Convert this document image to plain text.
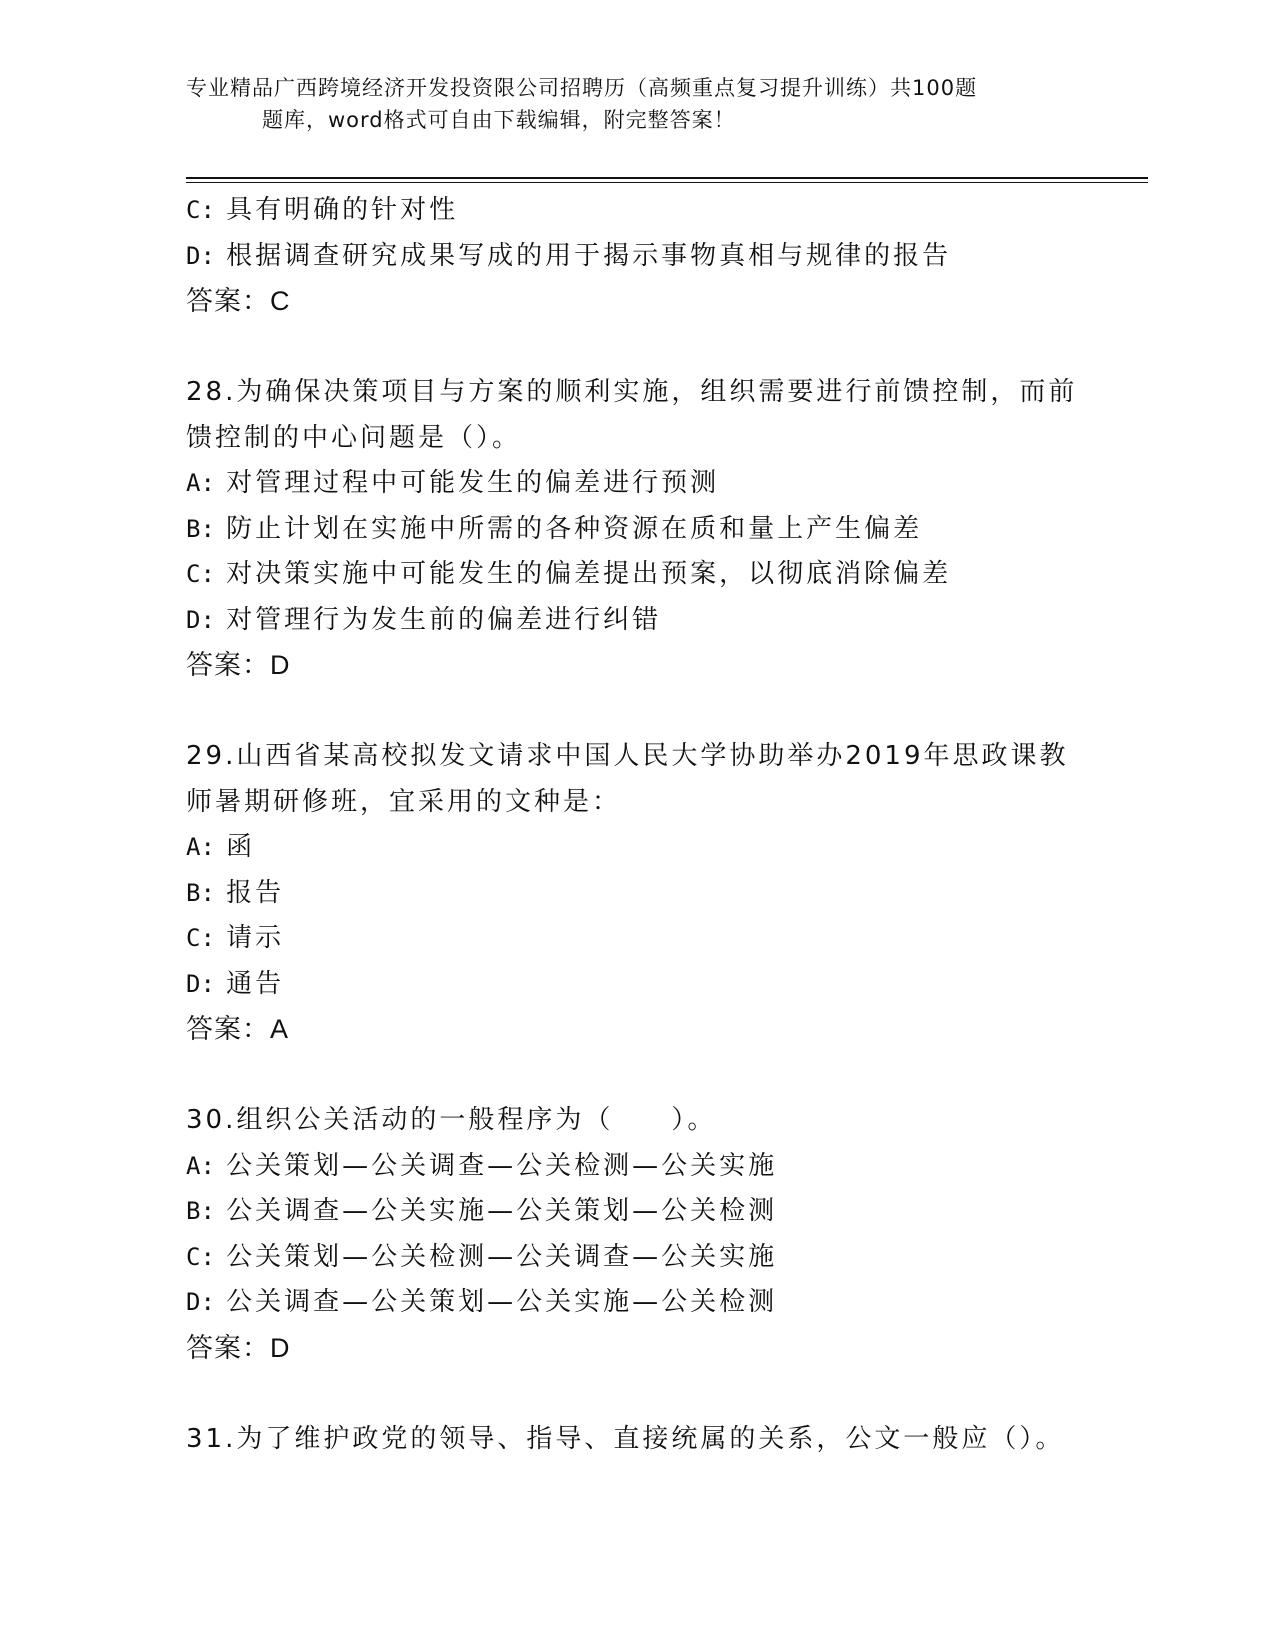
专业精品广西跨境经济开发投资限公司招聘历（高频重点复习提升训练）共100题
题库，word格式可自由下载编辑，附完整答案！
C: 具有明确的针对性
D: 根据调查研究成果写成的用于揭示事物真相与规律的报告
答案：C
28.为确保决策项目与方案的顺利实施，组织需要进行前馈控制，而前
馈控制的中心问题是（）。
A: 对管理过程中可能发生的偏差进行预测
B: 防止计划在实施中所需的各种资源在质和量上产生偏差
C: 对决策实施中可能发生的偏差提出预案，以彻底消除偏差
D: 对管理行为发生前的偏差进行纠错
答案：D
29.山西省某高校拟发文请求中国人民大学协助举办2019年思政课教
师暑期研修班，宜采用的文种是：
A: 函
B: 报告
C: 请示
D: 通告
答案：A
30.组织公关活动的一般程序为（　　）。
A: 公关策划—公关调查—公关检测—公关实施
B: 公关调查—公关实施—公关策划—公关检测
C: 公关策划—公关检测—公关调查—公关实施
D: 公关调查—公关策划—公关实施—公关检测
答案：D
31.为了维护政党的领导、指导、直接统属的关系，公文一般应（）。
